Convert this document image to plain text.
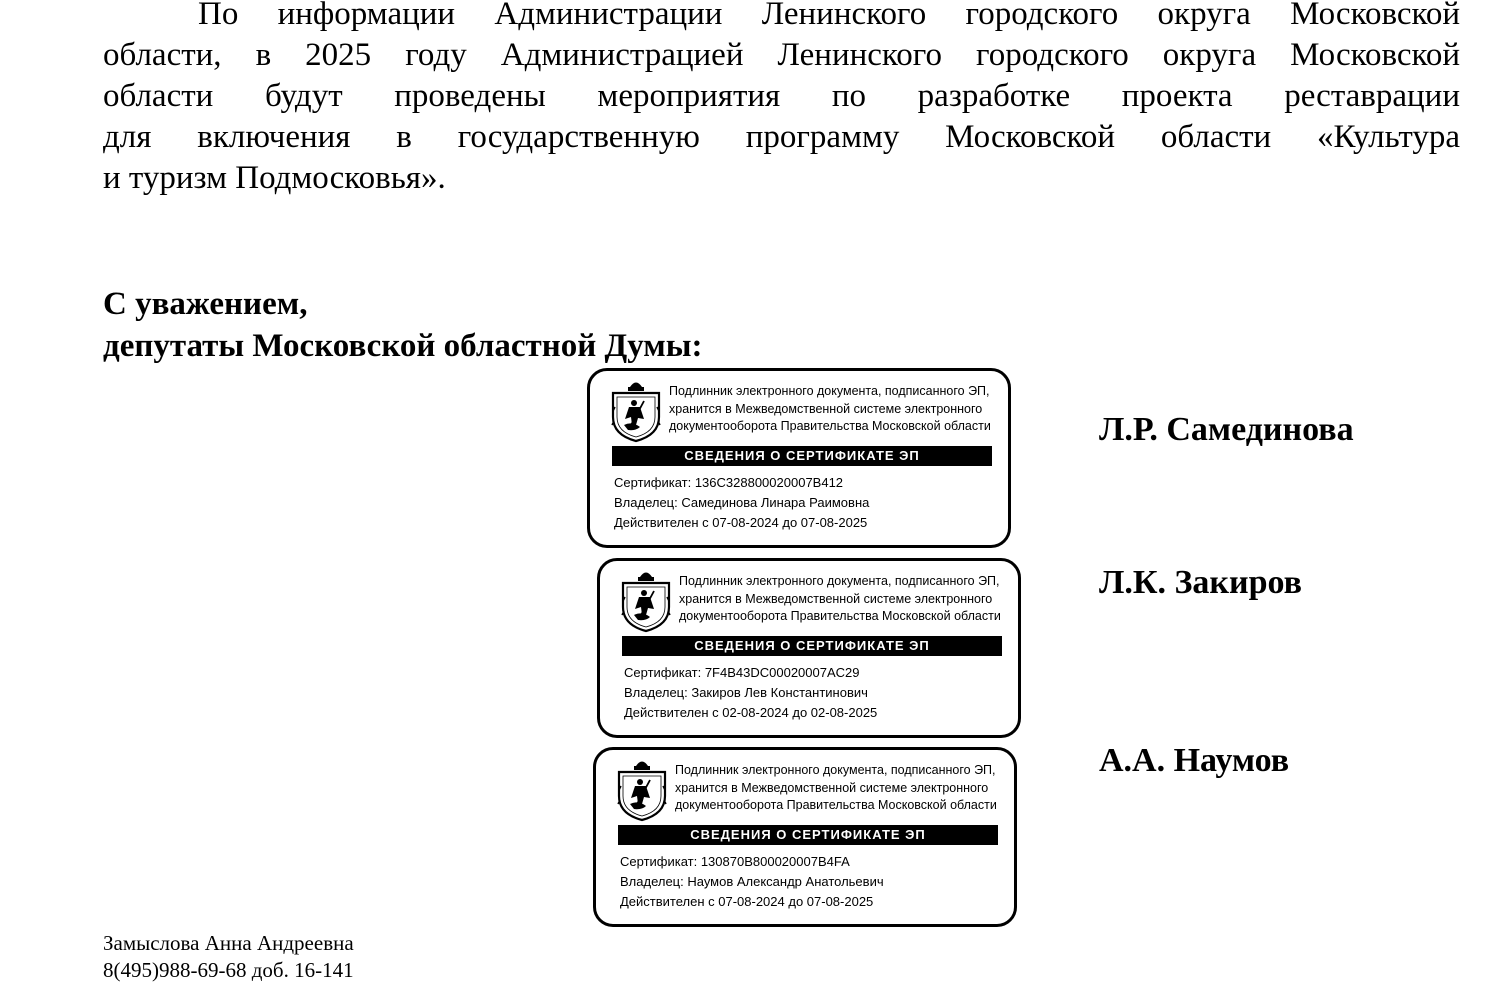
По информации Администрации Ленинского городского округа Московской
области, в 2025 году Администрацией Ленинского городского округа Московской
области будут проведены мероприятия по разработке проекта реставрации
для включения в государственную программу Московской области «Культура
и туризм Подмосковья».
С уважением,
депутаты Московской областной Думы:
Подлинник электронного документа, подписанного ЭП,
хранится в Межведомственной системе электронного
документооборота Правительства Московской области
СВЕДЕНИЯ О СЕРТИФИКАТЕ ЭП
Сертификат: 136C328800020007B412
Владелец: Самединова Линара Раимовна
Действителен с 07-08-2024 до 07-08-2025
Л.Р. Самединова
Подлинник электронного документа, подписанного ЭП,
хранится в Межведомственной системе электронного
документооборота Правительства Московской области
СВЕДЕНИЯ О СЕРТИФИКАТЕ ЭП
Сертификат: 7F4B43DC00020007AC29
Владелец: Закиров Лев Константинович
Действителен с 02-08-2024 до 02-08-2025
Л.К. Закиров
Подлинник электронного документа, подписанного ЭП,
хранится в Межведомственной системе электронного
документооборота Правительства Московской области
СВЕДЕНИЯ О СЕРТИФИКАТЕ ЭП
Сертификат: 130870B800020007B4FA
Владелец: Наумов Александр Анатольевич
Действителен с 07-08-2024 до 07-08-2025
А.А. Наумов
Замыслова Анна Андреевна
8(495)988-69-68 доб. 16-141
